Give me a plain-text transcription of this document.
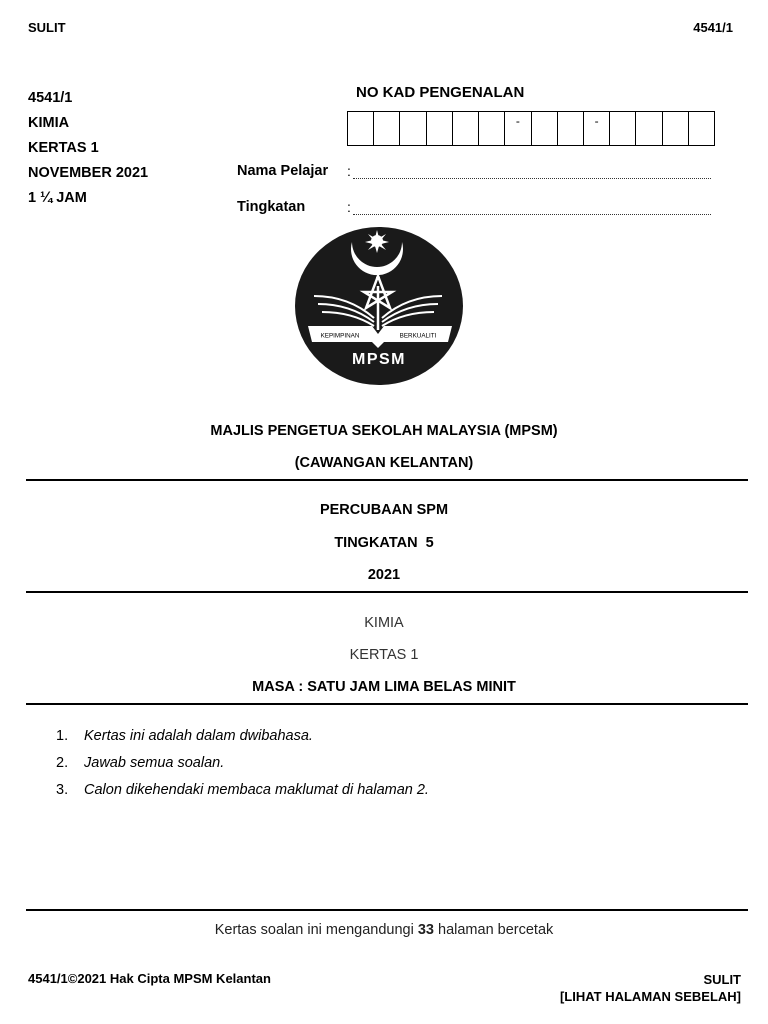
SULIT	4541/1
4541/1
KIMIA
KERTAS 1
NOVEMBER 2021
1 ¼ JAM
NO KAD PENGENALAN
-	-
Nama Pelajar :
Tingkatan	:
KEPIMPINAN	BERKUALITI
MPSM
MAJLIS PENGETUA SEKOLAH MALAYSIA (MPSM)
(CAWANGAN KELANTAN)
PERCUBAAN SPM
TINGKATAN  5
2021
KIMIA
KERTAS 1
MASA : SATU JAM LIMA BELAS MINIT
1. Kertas ini adalah dalam dwibahasa.
2. Jawab semua soalan.
3. Calon dikehendaki membaca maklumat di halaman 2.
Kertas soalan ini mengandungi 33 halaman bercetak
4541/1©2021 Hak Cipta MPSM Kelantan	SULIT
[LIHAT HALAMAN SEBELAH]
